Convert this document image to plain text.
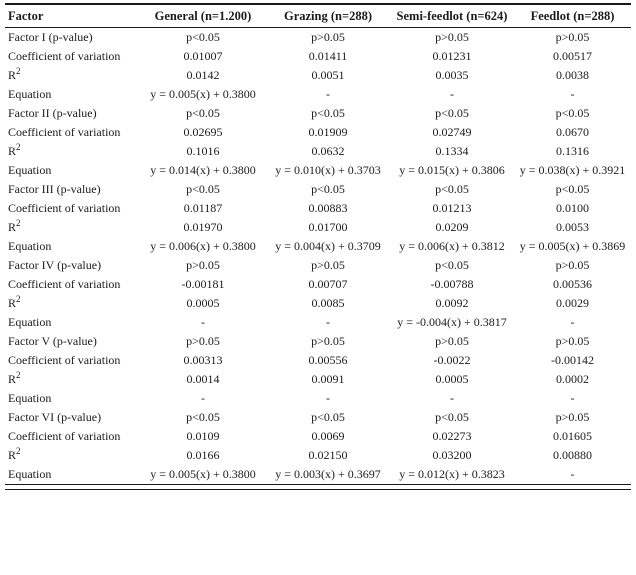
Factor	General (n=1.200)	Grazing (n=288)	Semi-feedlot (n=624)	Feedlot (n=288)
Factor I (p-value)	p<0.05	p>0.05	p>0.05	p>0.05
Coefficient of variation	0.01007	0.01411	0.01231	0.00517
$R^2$	0.0142	0.0051	0.0035	0.0038
Equation	y = 0.005(x) + 0.3800	-	-	-
Factor II (p-value)	p<0.05	p<0.05	p<0.05	p<0.05
Coefficient of variation	0.02695	0.01909	0.02749	0.0670
$R^2$	0.1016	0.0632	0.1334	0.1316
Equation	y = 0.014(x) + 0.3800	y = 0.010(x) + 0.3703	y = 0.015(x) + 0.3806	y = 0.038(x) + 0.3921
Factor III (p-value)	p<0.05	p<0.05	p<0.05	p<0.05
Coefficient of variation	0.01187	0.00883	0.01213	0.0100
$R^2$	0.01970	0.01700	0.0209	0.0053
Equation	y = 0.006(x) + 0.3800	y = 0.004(x) + 0.3709	y = 0.006(x) + 0.3812	y = 0.005(x) + 0.3869
Factor IV (p-value)	p>0.05	p>0.05	p<0.05	p>0.05
Coefficient of variation	-0.00181	0.00707	-0.00788	0.00536
$R^2$	0.0005	0.0085	0.0092	0.0029
Equation	-	-	y = -0.004(x) + 0.3817	-
Factor V (p-value)	p>0.05	p>0.05	p>0.05	p>0.05
Coefficient of variation	0.00313	0.00556	-0.0022	-0.00142
$R^2$	0.0014	0.0091	0.0005	0.0002
Equation	-	-	-	-
Factor VI (p-value)	p<0.05	p<0.05	p<0.05	p>0.05
Coefficient of variation	0.0109	0.0069	0.02273	0.01605
$R^2$	0.0166	0.02150	0.03200	0.00880
Equation	y = 0.005(x) + 0.3800	y = 0.003(x) + 0.3697	y = 0.012(x) + 0.3823	-
